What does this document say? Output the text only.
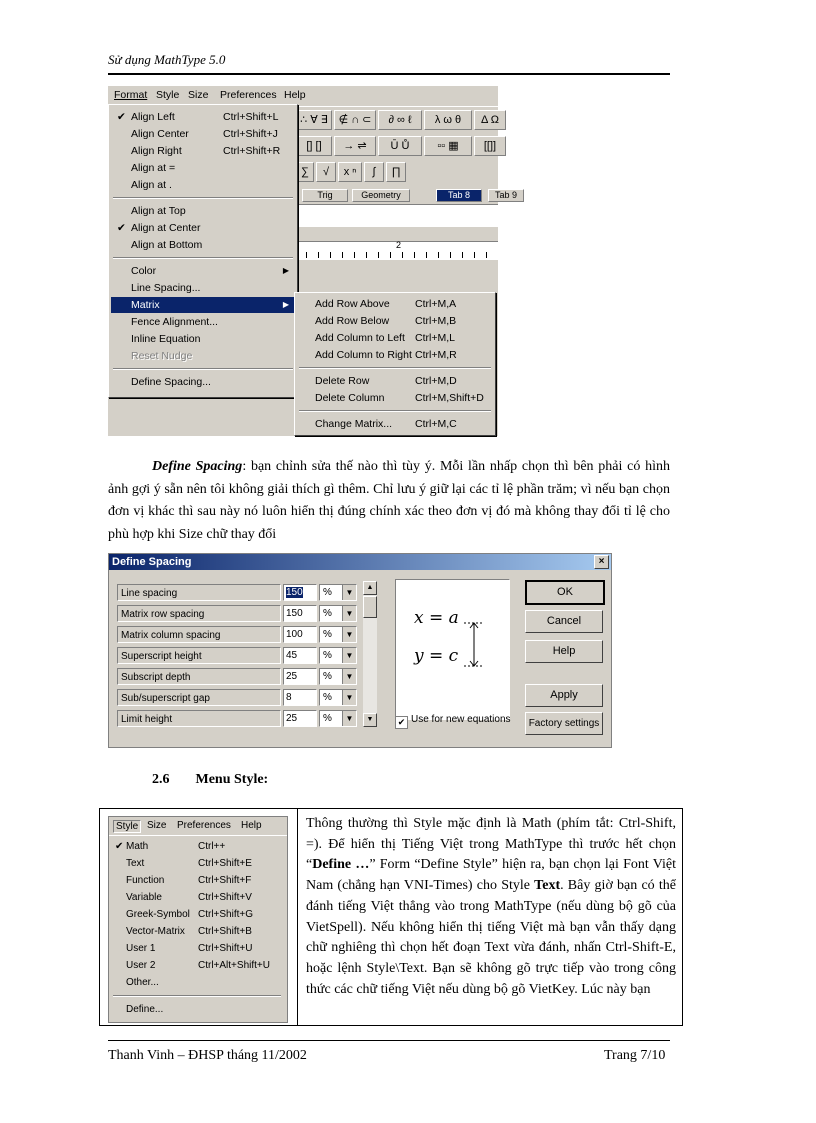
Sử dụng MathType 5.0
Format Style Size Preferences Help
∴ ∀ ∃ ∉ ∩ ⊂	∂ ∞ ℓ	λ ω θ	Δ Ω
[] []	→ ⇌	Ū Ů	▫▫ ▦	[[]]
∑	√	x ⁿ	∫	∏
Trig	Geometry	Tab 8	Tab 9
2
✔ Align Left	Ctrl+Shift+L
Align Center	Ctrl+Shift+J
Align Right	Ctrl+Shift+R
Align at =
Align at .
Align at Top
✔ Align at Center
Align at Bottom
Color	▶
Line Spacing...
Matrix	▶
Fence Alignment...
Inline Equation
Reset Nudge
Define Spacing...
Add Row Above Ctrl+M,A
Add Row Below Ctrl+M,B
Add Column to Left Ctrl+M,L
Add Column to Right Ctrl+M,R
Delete Row	Ctrl+M,D
Delete Column	Ctrl+M,Shift+D
Change Matrix... Ctrl+M,C
Define Spacing: bạn chỉnh sửa thế nào thì tùy ý. Mỗi lần nhấp chọn thì bên phải có hình ảnh gợi ý sẵn nên tôi không giải thích gì thêm. Chỉ lưu ý giữ lại các tỉ lệ phần trăm; vì nếu bạn chọn đơn vị khác thì sau này nó luôn hiển thị đúng chính xác theo đơn vị đó mà không thay đổi tỉ lệ cho phù hợp khi Size chữ thay đổi
Define Spacing	×
Line spacing	150	%	▼
Matrix row spacing	150	%	▼
Matrix column spacing	100	%	▼
Superscript height	45	%	▼
Subscript depth	25	%	▼
Sub/superscript gap	8	%	▼
Limit height	25	%	▼
▲
▼
x = a
y = c
✔ Use for new equations
OK
Cancel
Help
Apply
Factory settings
2.6 Menu Style:
Style Size Preferences Help
✔ Math	Ctrl++
Text	Ctrl+Shift+E
Function	Ctrl+Shift+F
Variable	Ctrl+Shift+V
Greek-Symbol Ctrl+Shift+G
Vector-Matrix Ctrl+Shift+B
User 1	Ctrl+Shift+U
User 2	Ctrl+Alt+Shift+U
Other...
Define...
Thông thường thì Style mặc định là Math (phím tắt: Ctrl-Shift, =). Để hiển thị Tiếng Việt trong MathType thì trước hết chọn “Define …” Form “Define Style” hiện ra, bạn chọn lại Font Việt Nam (chẳng hạn VNI-Times) cho Style Text. Bây giờ bạn có thể đánh tiếng Việt thẳng vào trong MathType (nếu dùng bộ gõ của VietSpell). Nếu không hiển thị tiếng Việt mà bạn vẫn thấy dạng chữ nghiêng thì chọn hết đoạn Text vừa đánh, nhấn Ctrl-Shift-E, hoặc lệnh Style\Text. Bạn sẽ không gõ trực tiếp vào trong công thức các chữ tiếng Việt nếu dùng bộ gõ VietKey. Lúc này bạn
Thanh Vinh – ĐHSP tháng 11/2002	Trang 7/10
